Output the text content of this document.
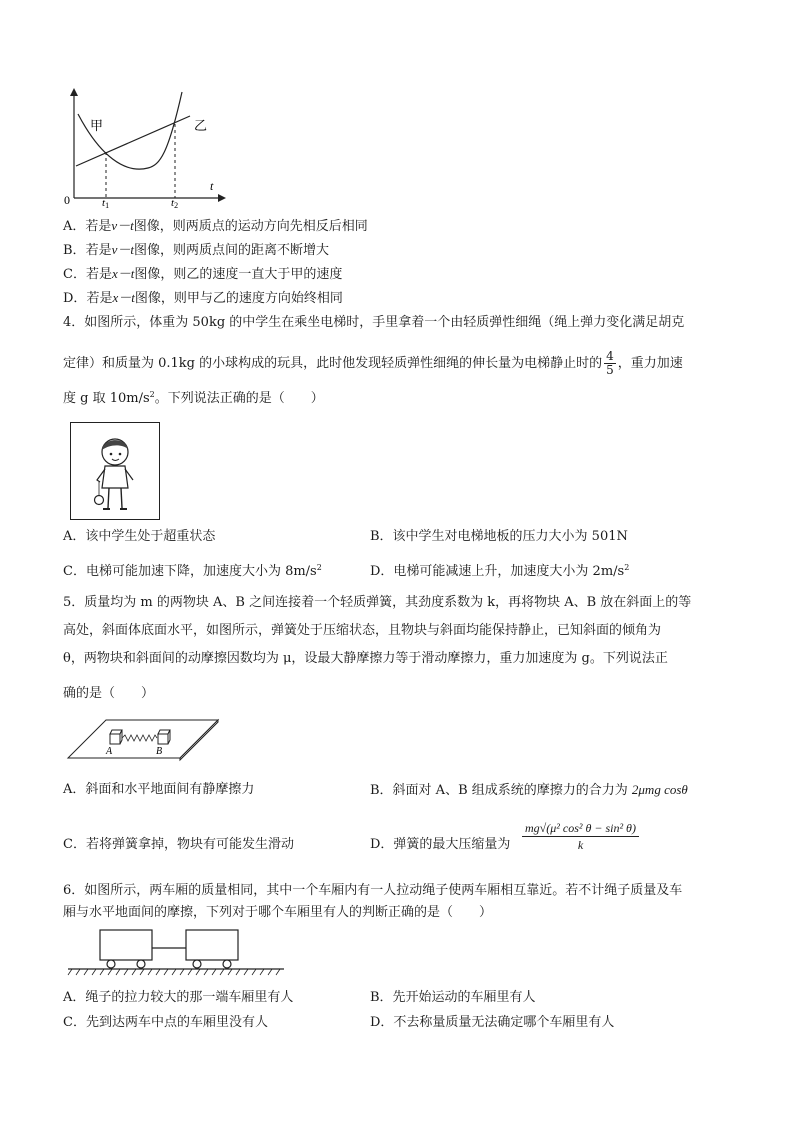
甲	乙
0
t
t1	t2
A．若是v－t图像，则两质点的运动方向先相反后相同
B．若是v－t图像，则两质点间的距离不断增大
C．若是x－t图像，则乙的速度一直大于甲的速度
D．若是x－t图像，则甲与乙的速度方向始终相同
4．如图所示，体重为 50kg 的中学生在乘坐电梯时，手里拿着一个由轻质弹性细绳（绳上弹力变化满足胡克
定律）和质量为 0.1kg 的小球构成的玩具，此时他发现轻质弹性细绳的伸长量为电梯静止时的 $\frac{4}{5}$ ，重力加速
度 g 取 $10m/s^2$。下列说法正确的是（　　）
A．该中学生处于超重状态	B．该中学生对电梯地板的压力大小为 501N
C．电梯可能加速下降，加速度大小为 $8m/s^2$	D．电梯可能减速上升，加速度大小为 $2m/s^2$
5．质量均为 m 的两物块 A、B 之间连接着一个轻质弹簧，其劲度系数为 k，再将物块 A、B 放在斜面上的等
高处，斜面体底面水平，如图所示，弹簧处于压缩状态，且物块与斜面均能保持静止，已知斜面的倾角为
θ，两物块和斜面间的动摩擦因数均为 μ，设最大静摩擦力等于滑动摩擦力，重力加速度为 g。下列说法正
确的是（　　）
A	B
A．斜面和水平地面间有静摩擦力	B．斜面对 A、B 组成系统的摩擦力的合力为 2μmg cosθ
C．若将弹簧拿掉，物块有可能发生滑动	D．弹簧的最大压缩量为
mg√(μ² cos² θ − sin² θ)
k
6．如图所示，两车厢的质量相同，其中一个车厢内有一人拉动绳子使两车厢相互靠近。若不计绳子质量及车
厢与水平地面间的摩擦，下列对于哪个车厢里有人的判断正确的是（　　）
A．绳子的拉力较大的那一端车厢里有人	B．先开始运动的车厢里有人
C．先到达两车中点的车厢里没有人	D．不去称量质量无法确定哪个车厢里有人
